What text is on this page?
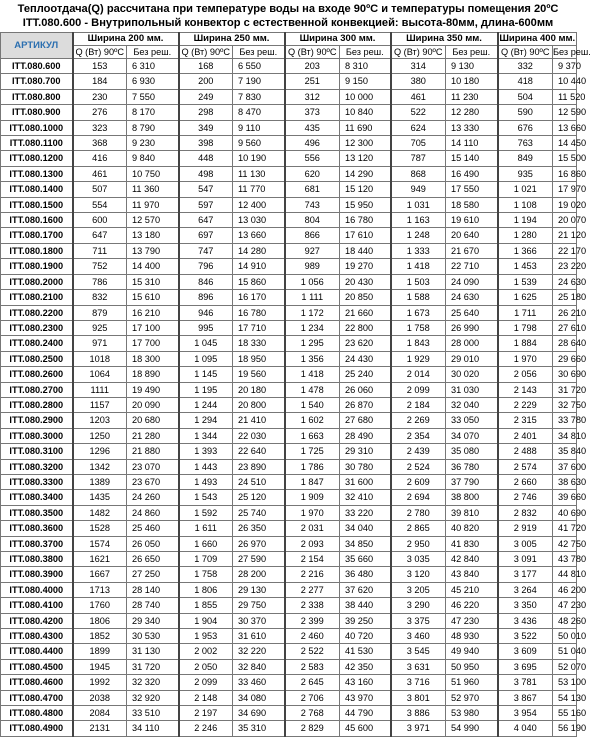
Теплоотдача(Q) рассчитана при температуре воды на входе 90ºC и температуры помещения 20ºC
ITT.080.600 - Внутрипольный конвектор с естественной конвекцией: высота-80мм, длина-600мм
АРТИКУЛ	Ширина 200 мм.		Ширина 250 мм.		Ширина 300 мм.		Ширина 350 мм.		Ширина 400 мм.	
	Q (Вт) 90ºC	Без реш.	Q (Вт) 90ºC	Без реш.	Q (Вт) 90ºC	Без реш.	Q (Вт) 90ºC	Без реш.	Q (Вт) 90ºC	Без реш.
ITT.080.600	153	6 310	168	6 550	203	8 310	314	9 130	332	9 370
ITT.080.700	184	6 930	200	7 190	251	9 150	380	10 180	418	10 440
ITT.080.800	230	7 550	249	7 830	312	10 000	461	11 230	504	11 520
ITT.080.900	276	8 170	298	8 470	373	10 840	522	12 280	590	12 590
ITT.080.1000	323	8 790	349	9 110	435	11 690	624	13 330	676	13 660
ITT.080.1100	368	9 230	398	9 560	496	12 300	705	14 110	763	14 450
ITT.080.1200	416	9 840	448	10 190	556	13 120	787	15 140	849	15 500
ITT.080.1300	461	10 750	498	11 130	620	14 290	868	16 490	935	16 860
ITT.080.1400	507	11 360	547	11 770	681	15 120	949	17 550	1 021	17 970
ITT.080.1500	554	11 970	597	12 400	743	15 950	1 031	18 580	1 108	19 020
ITT.080.1600	600	12 570	647	13 030	804	16 780	1 163	19 610	1 194	20 070
ITT.080.1700	647	13 180	697	13 660	866	17 610	1 248	20 640	1 280	21 120
ITT.080.1800	711	13 790	747	14 280	927	18 440	1 333	21 670	1 366	22 170
ITT.080.1900	752	14 400	796	14 910	989	19 270	1 418	22 710	1 453	23 220
ITT.080.2000	786	15 310	846	15 860	1 056	20 430	1 503	24 090	1 539	24 630
ITT.080.2100	832	15 610	896	16 170	1 111	20 850	1 588	24 630	1 625	25 180
ITT.080.2200	879	16 210	946	16 780	1 172	21 660	1 673	25 640	1 711	26 210
ITT.080.2300	925	17 100	995	17 710	1 234	22 800	1 758	26 990	1 798	27 610
ITT.080.2400	971	17 700	1 045	18 330	1 295	23 620	1 843	28 000	1 884	28 640
ITT.080.2500	1018	18 300	1 095	18 950	1 356	24 430	1 929	29 010	1 970	29 660
ITT.080.2600	1064	18 890	1 145	19 560	1 418	25 240	2 014	30 020	2 056	30 690
ITT.080.2700	1111	19 490	1 195	20 180	1 478	26 060	2 099	31 030	2 143	31 720
ITT.080.2800	1157	20 090	1 244	20 800	1 540	26 870	2 184	32 040	2 229	32 750
ITT.080.2900	1203	20 680	1 294	21 410	1 602	27 680	2 269	33 050	2 315	33 780
ITT.080.3000	1250	21 280	1 344	22 030	1 663	28 490	2 354	34 070	2 401	34 810
ITT.080.3100	1296	21 880	1 393	22 640	1 725	29 310	2 439	35 080	2 488	35 840
ITT.080.3200	1342	23 070	1 443	23 890	1 786	30 780	2 524	36 780	2 574	37 600
ITT.080.3300	1389	23 670	1 493	24 510	1 847	31 600	2 609	37 790	2 660	38 630
ITT.080.3400	1435	24 260	1 543	25 120	1 909	32 410	2 694	38 800	2 746	39 660
ITT.080.3500	1482	24 860	1 592	25 740	1 970	33 220	2 780	39 810	2 832	40 690
ITT.080.3600	1528	25 460	1 611	26 350	2 031	34 040	2 865	40 820	2 919	41 720
ITT.080.3700	1574	26 050	1 660	26 970	2 093	34 850	2 950	41 830	3 005	42 750
ITT.080.3800	1621	26 650	1 709	27 590	2 154	35 660	3 035	42 840	3 091	43 780
ITT.080.3900	1667	27 250	1 758	28 200	2 216	36 480	3 120	43 840	3 177	44 810
ITT.080.4000	1713	28 140	1 806	29 130	2 277	37 620	3 205	45 210	3 264	46 200
ITT.080.4100	1760	28 740	1 855	29 750	2 338	38 440	3 290	46 220	3 350	47 230
ITT.080.4200	1806	29 340	1 904	30 370	2 399	39 250	3 375	47 230	3 436	48 260
ITT.080.4300	1852	30 530	1 953	31 610	2 460	40 720	3 460	48 930	3 522	50 010
ITT.080.4400	1899	31 130	2 002	32 220	2 522	41 530	3 545	49 940	3 609	51 040
ITT.080.4500	1945	31 720	2 050	32 840	2 583	42 350	3 631	50 950	3 695	52 070
ITT.080.4600	1992	32 320	2 099	33 460	2 645	43 160	3 716	51 960	3 781	53 100
ITT.080.4700	2038	32 920	2 148	34 080	2 706	43 970	3 801	52 970	3 867	54 130
ITT.080.4800	2084	33 510	2 197	34 690	2 768	44 790	3 886	53 980	3 954	55 160
ITT.080.4900	2131	34 110	2 246	35 310	2 829	45 600	3 971	54 990	4 040	56 190
